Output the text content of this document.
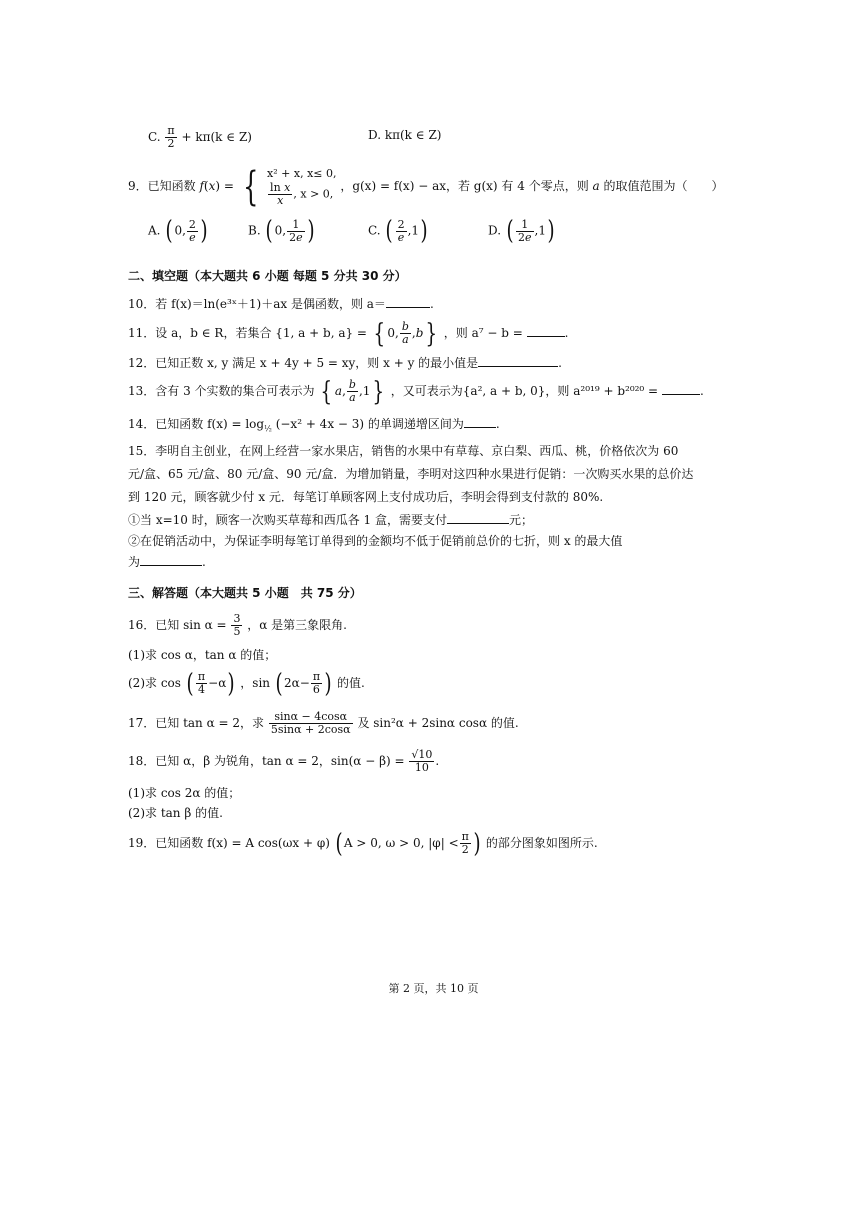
C. $\frac{\pi}{2} + k\pi(k$ ∈ Z)	D. kπ(k ∈ Z)
9．已知函数 f(x) = { x² + x, x≤ 0,

$\frac{\text{ln x}}{x}$ , x > 0, ，g(x) = f(x) − ax，若 g(x) 有 4 个零点，则 a 的取值范围为（　　）
A. ( 0, $\frac{2}{e}$ )	B. ( 0, $\frac{1}{2e}$ )	C. ( $\frac{2}{e} ,1$)	D. ( $\frac{1}{2e} ,1$)
二、填空题（本大题共 6 小题 每题 5 分共 30 分）
10．若 f(x)＝ln(e³ˣ＋1)＋ax 是偶函数，则 a＝	.
11．设 a，b ∈ R，若集合 {1, a + b, a} = { 0, $\frac{b}{a} ,b$} ，则 a⁷ − b =	.
12．已知正数 x, y 满足 x + 4y + 5 = xy，则 x + y 的最小值是	.
13．含有 3 个实数的集合可表示为 { a, $\frac{b}{a} ,1$} ，又可表示为{a², a + b, 0}，则 a²⁰¹⁹ + b²⁰²⁰ =	.
14．已知函数 $f(x) = \log_{\frac{1}{2}} (-x^2 + 4x - 3)$ 的单调递增区间为	.
15．李明自主创业，在网上经营一家水果店，销售的水果中有草莓、京白梨、西瓜、桃，价格依次为 60
元/盒、65 元/盒、80 元/盒、90 元/盒．为增加销量，李明对这四种水果进行促销：一次购买水果的总价达
到 120 元，顾客就少付 x 元．每笔订单顾客网上支付成功后，李明会得到支付款的 80%.
①当 x=10 时，顾客一次购买草莓和西瓜各 1 盒，需要支付	元；
②在促销活动中，为保证李明每笔订单得到的金额均不低于促销前总价的七折，则 x 的最大值
为	.
三、解答题（本大题共 5 小题　共 75 分）
16．已知 $\sin \alpha = \frac{3}{5}$ ，α 是第三象限角.
(1)求 cos α，tan α 的值；
(2)求 cos ( $\frac{\pi}{4} -\alpha$) ，sin ( $2\alpha- \frac{\pi}{6}$ ) 的值.
17．已知 tan α = 2，求 $\frac{\sin\alpha - 4\cos\alpha}{5\sin\alpha + 2\cos\alpha}$ 及 sin²α + 2sinα cosα 的值.
18．已知 α，β 为锐角，tan α = 2，$\sin(\alpha - \beta) = \frac{√10}{10}$ .
(1)求 cos 2α 的值；
(2)求 tan β 的值.
19．已知函数 f(x) = A cos(ωx + φ) ( A > 0, ω > 0, $|\varphi| < \frac{\pi}{2}$ ) 的部分图象如图所示.
第 2 页，共 10 页
